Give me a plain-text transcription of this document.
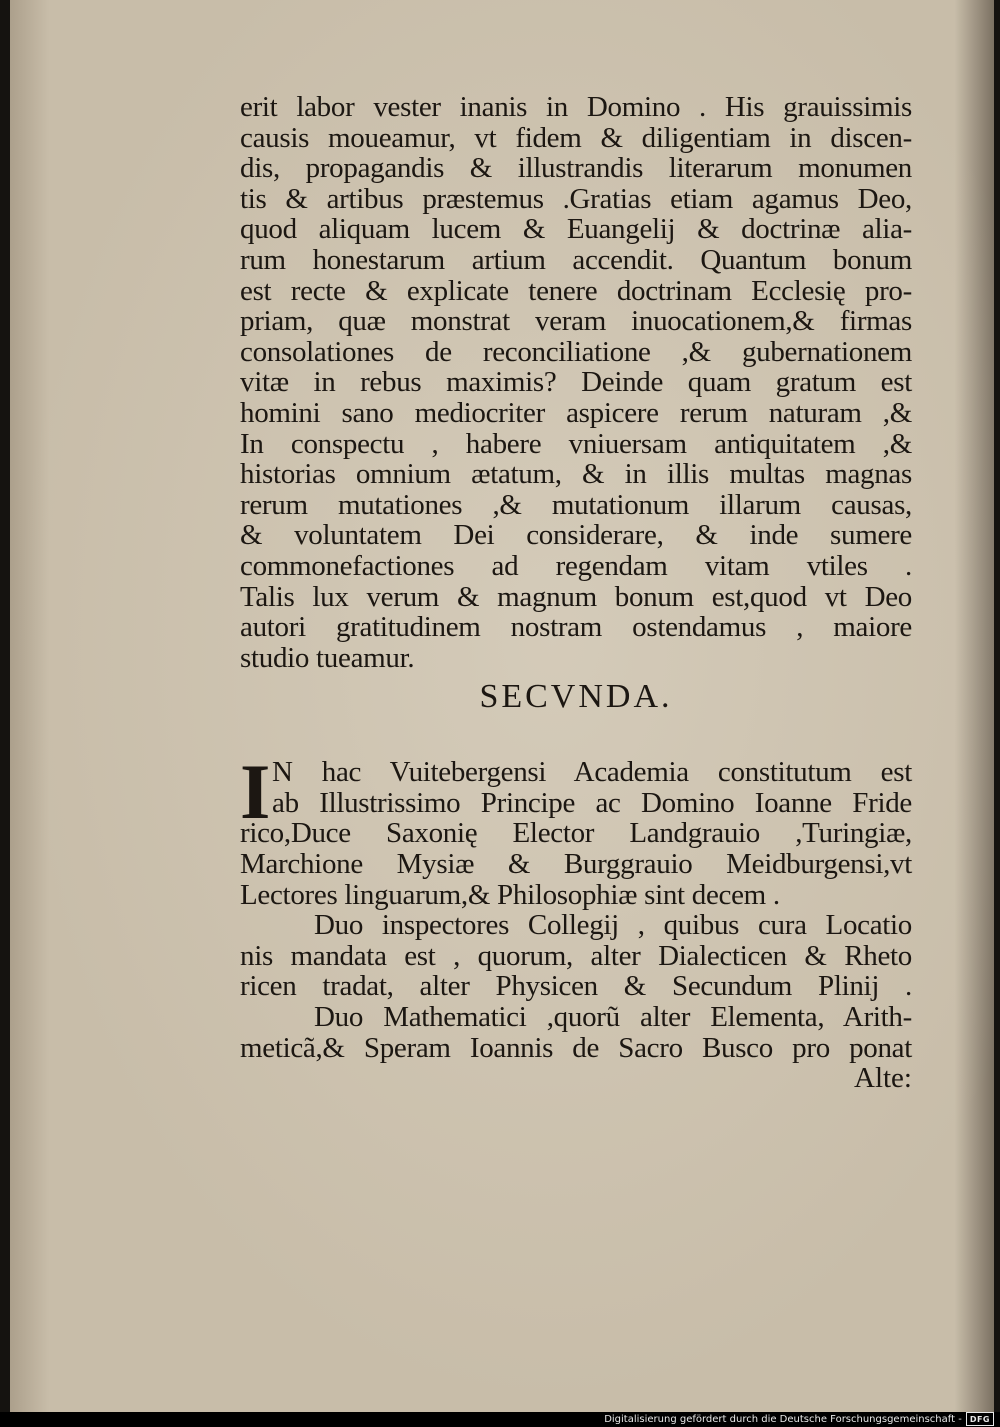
erit labor vester inanis in Domino . His grauissimis
causis moueamur, vt fidem & diligentiam in discen-
dis, propagandis & illustrandis literarum monumen
tis & artibus præstemus .Gratias etiam agamus Deo,
quod aliquam lucem & Euangelij & doctrinæ alia-
rum honestarum artium accendit. Quantum bonum
est recte & explicate tenere doctrinam Ecclesię pro-
priam, quæ monstrat veram inuocationem,& firmas
consolationes de reconciliatione ,& gubernationem
vitæ in rebus maximis? Deinde quam gratum est
homini sano mediocriter aspicere rerum naturam ,&
In conspectu , habere vniuersam antiquitatem ,&
historias omnium ætatum, & in illis multas magnas
rerum mutationes ,& mutationum illarum causas,
& voluntatem Dei considerare, & inde sumere
commonefactiones ad regendam vitam vtiles .
Talis lux verum & magnum bonum est,quod vt Deo
autori gratitudinem nostram ostendamus , maiore
studio tueamur.
SECVNDA.
I N hac Vuitebergensi Academia constitutum est
ab Illustrissimo Principe ac Domino Ioanne Fride
rico,Duce Saxonię Elector Landgrauio ,Turingiæ,
Marchione Mysiæ & Burggrauio Meidburgensi,vt
Lectores linguarum,& Philosophiæ sint decem .
Duo inspectores Collegij , quibus cura Locatio
nis mandata est , quorum, alter Dialecticen & Rheto
ricen tradat, alter Physicen & Secundum Plinij .
Duo Mathematici ,quorũ alter Elementa, Arith-
meticã,& Speram Ioannis de Sacro Busco pro ponat
Alte:
Digitalisierung gefördert durch die Deutsche Forschungsgemeinschaft -	DFG
